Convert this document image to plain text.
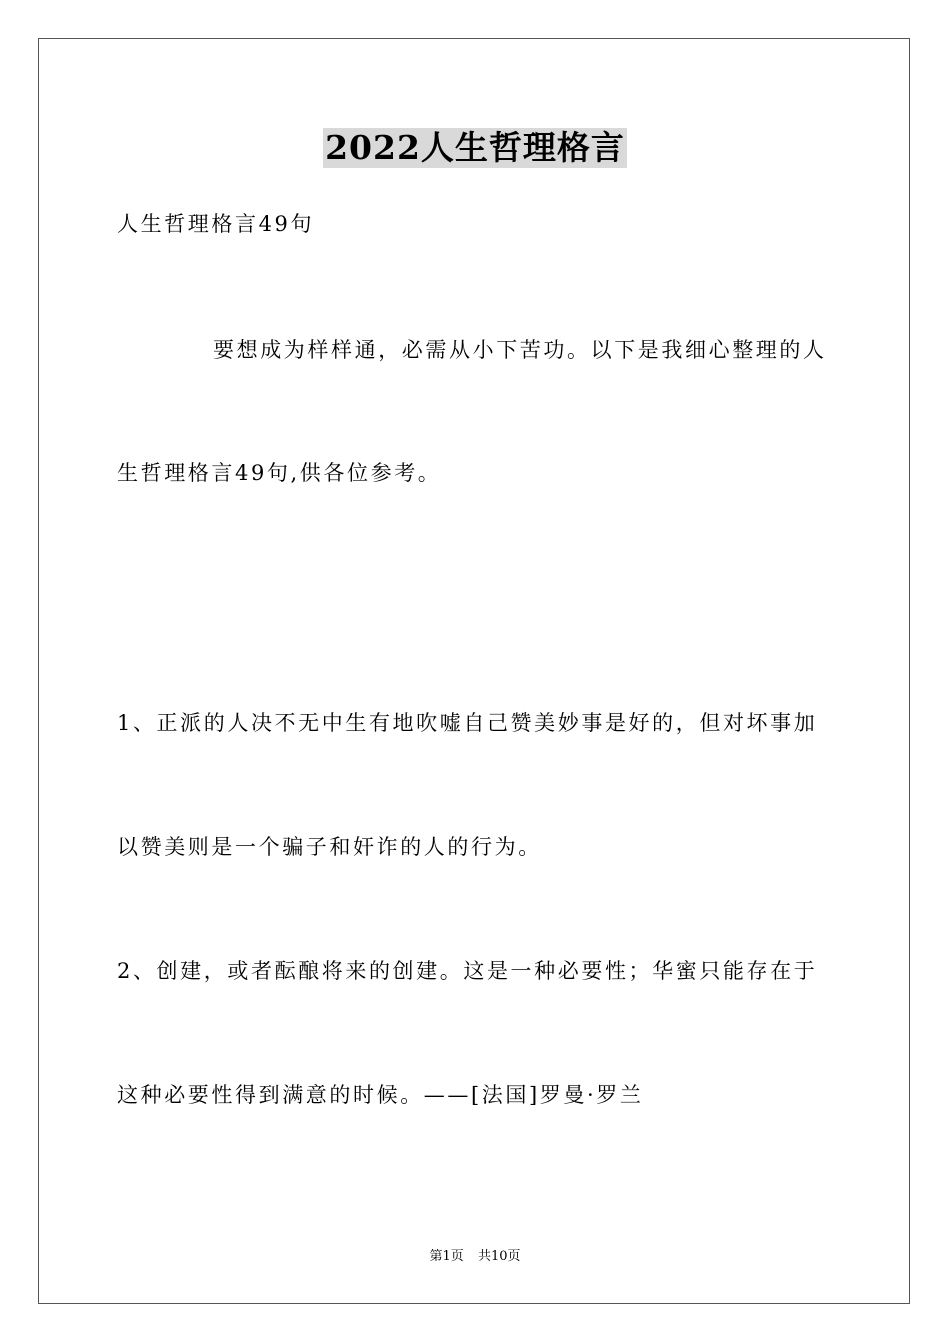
2022人生哲理格言
人生哲理格言49句
要想成为样样通，必需从小下苦功。以下是我细心整理的人
生哲理格言49句,供各位参考。
1、正派的人决不无中生有地吹嘘自己赞美妙事是好的，但对坏事加
以赞美则是一个骗子和奸诈的人的行为。
2、创建，或者酝酿将来的创建。这是一种必要性；华蜜只能存在于
这种必要性得到满意的时候。——[法国]罗曼·罗兰
第1页 共10页
